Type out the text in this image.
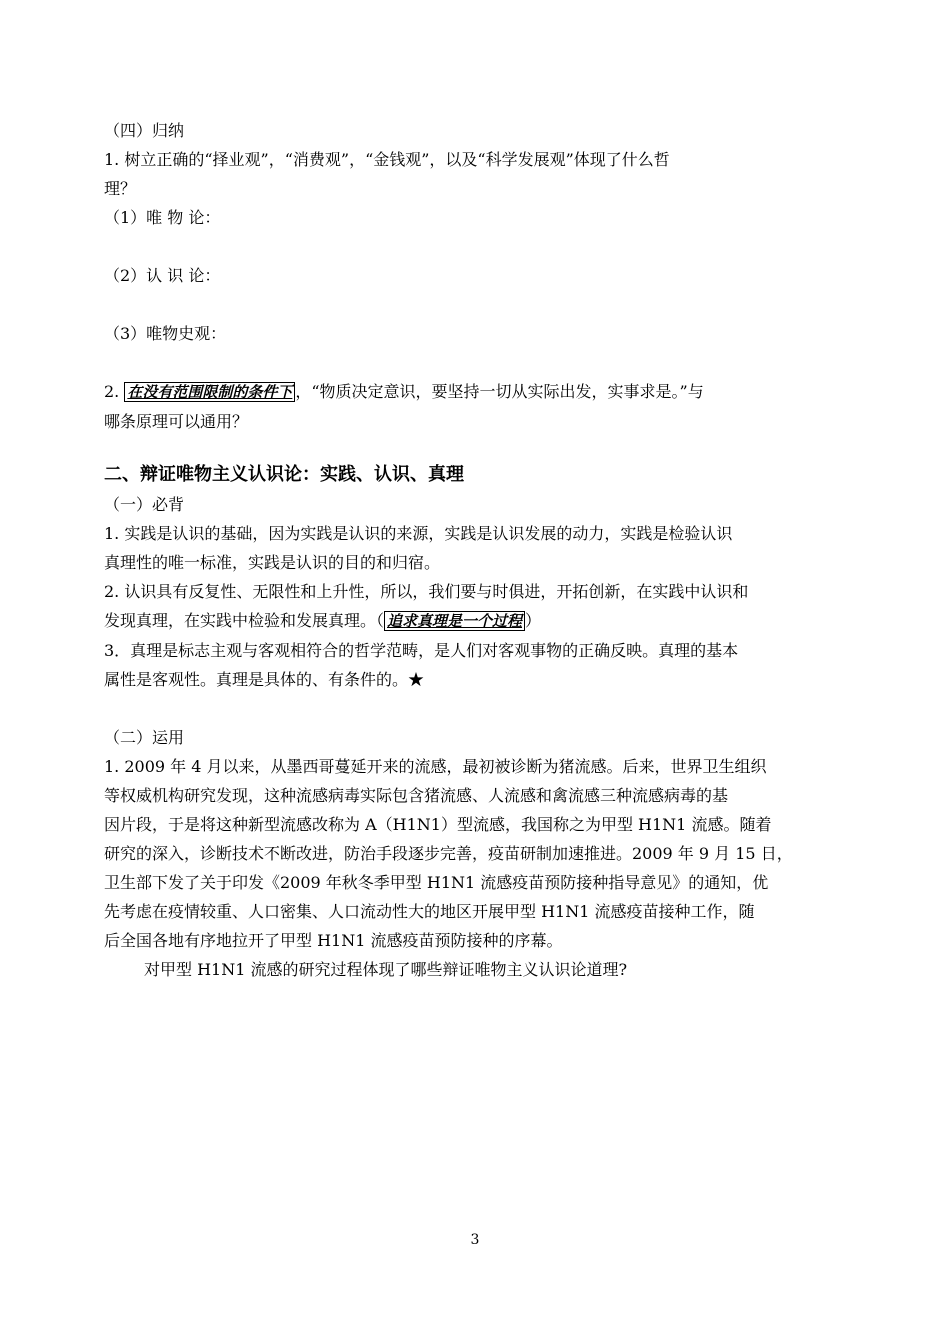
（四）归纳
1. 树立正确的“择业观”，“消费观”，“金钱观”，以及“科学发展观”体现了什么哲
理？
（1）唯 物 论：
（2）认 识 论：
（3）唯物史观：
2. 在没有范围限制的条件下 ，“物质决定意识，要坚持一切从实际出发，实事求是。”与
哪条原理可以通用？
二、辩证唯物主义认识论：实践、认识、真理
（一）必背
1. 实践是认识的基础，因为实践是认识的来源，实践是认识发展的动力，实践是检验认识
真理性的唯一标准，实践是认识的目的和归宿。
2. 认识具有反复性、无限性和上升性，所以，我们要与时俱进，开拓创新，在实践中认识和
发现真理，在实践中检验和发展真理。（ 追求真理是一个过程 ）
3．真理是标志主观与客观相符合的哲学范畴，是人们对客观事物的正确反映。真理的基本
属性是客观性。真理是具体的、有条件的。★
（二）运用
1. 2009 年 4 月以来，从墨西哥蔓延开来的流感，最初被诊断为猪流感。后来，世界卫生组织
等权威机构研究发现，这种流感病毒实际包含猪流感、人流感和禽流感三种流感病毒的基
因片段，于是将这种新型流感改称为 A（H1N1）型流感，我国称之为甲型 H1N1 流感。随着
研究的深入，诊断技术不断改进，防治手段逐步完善，疫苗研制加速推进。2009 年 9 月 15 日，
卫生部下发了关于印发《2009 年秋冬季甲型 H1N1 流感疫苗预防接种指导意见》的通知，优
先考虑在疫情较重、人口密集、人口流动性大的地区开展甲型 H1N1 流感疫苗接种工作，随
后全国各地有序地拉开了甲型 H1N1 流感疫苗预防接种的序幕。
对甲型 H1N1 流感的研究过程体现了哪些辩证唯物主义认识论道理?
3
